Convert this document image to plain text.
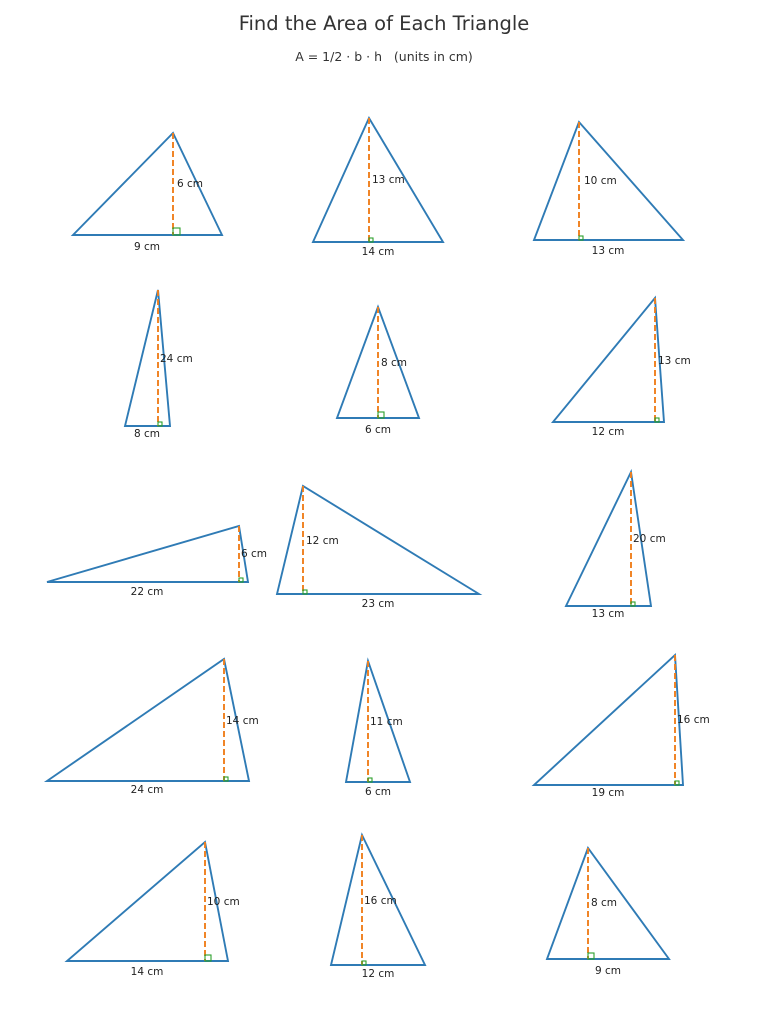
Find the Area of Each Triangle
A = 1/2 · b · h   (units in cm)
9 cm
6 cm
14 cm
13 cm
13 cm
10 cm
8 cm
24 cm
6 cm
8 cm
12 cm
13 cm
22 cm
6 cm
23 cm
12 cm
13 cm
20 cm
24 cm
14 cm
6 cm
11 cm
19 cm
16 cm
14 cm
10 cm
12 cm
16 cm
9 cm
8 cm
